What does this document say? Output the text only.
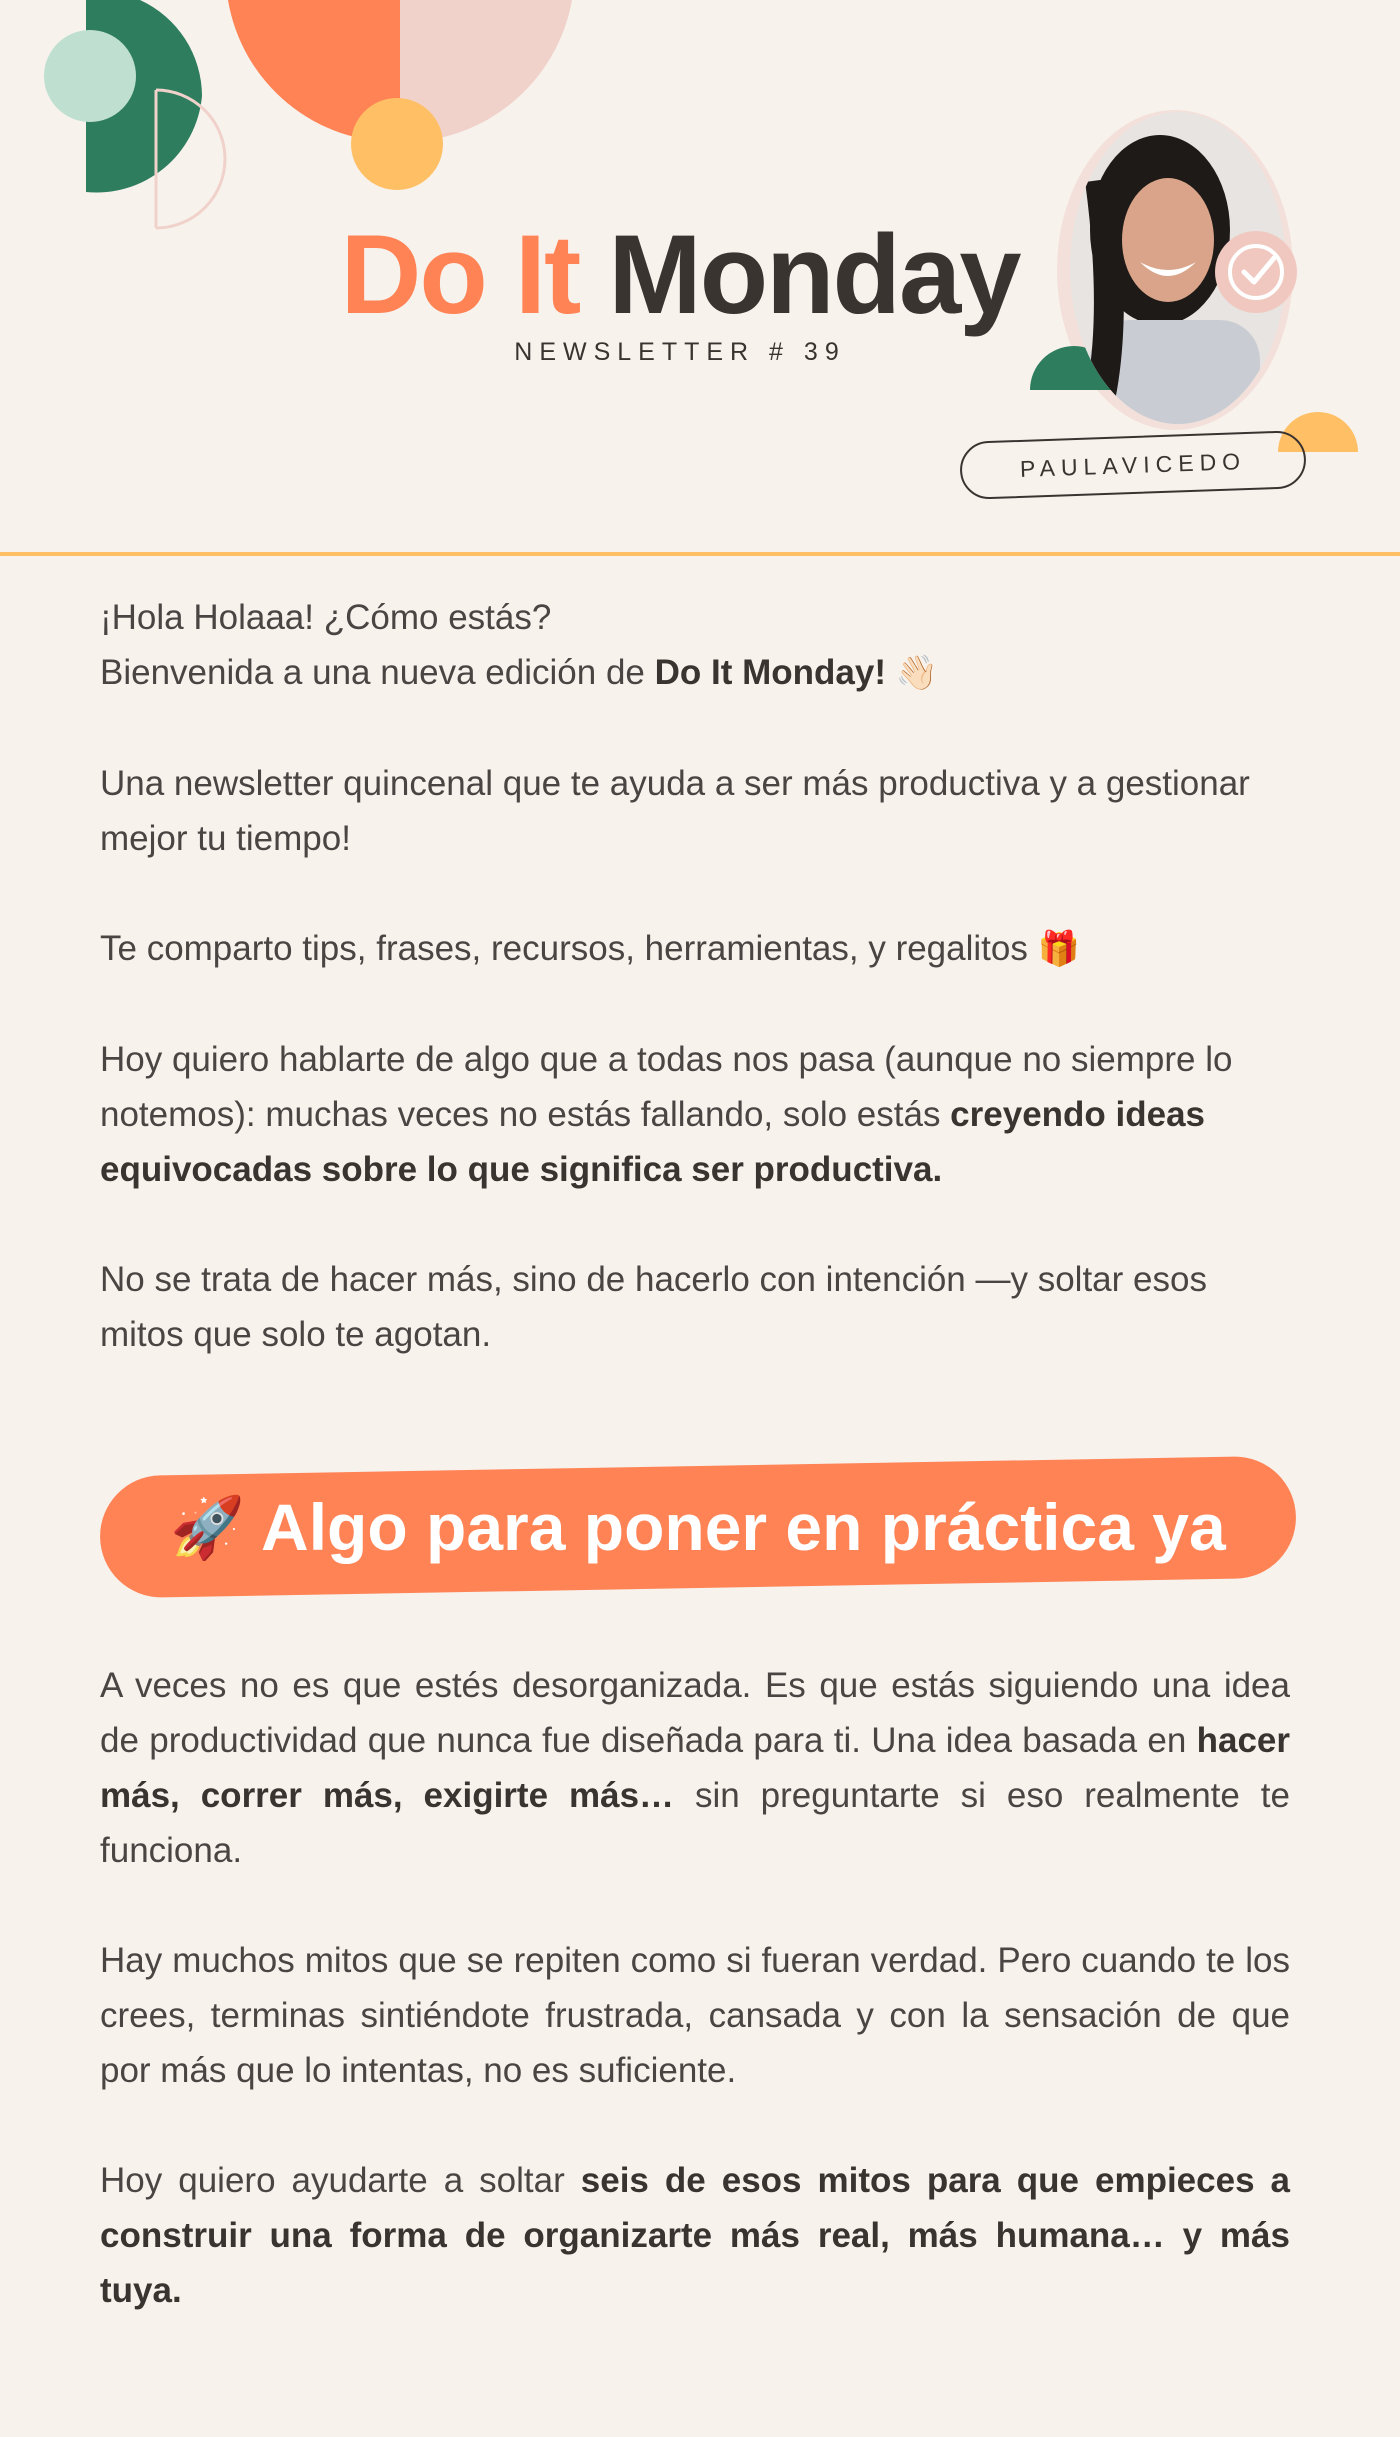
Do It Monday
NEWSLETTER # 39
PAULAVICEDO

¡Hola Holaaa! ¿Cómo estás?
Bienvenida a una nueva edición de Do It Monday! 👋🏻

Una newsletter quincenal que te ayuda a ser más productiva y a gestionar mejor tu tiempo!

Te comparto tips, frases, recursos, herramientas, y regalitos 🎁

Hoy quiero hablarte de algo que a todas nos pasa (aunque no siempre lo notemos): muchas veces no estás fallando, solo estás creyendo ideas equivocadas sobre lo que significa ser productiva.

No se trata de hacer más, sino de hacerlo con intención —y soltar esos mitos que solo te agotan.

🚀 Algo para poner en práctica ya

A veces no es que estés desorganizada. Es que estás siguiendo una idea de productividad que nunca fue diseñada para ti. Una idea basada en hacer más, correr más, exigirte más… sin preguntarte si eso realmente te funciona.

Hay muchos mitos que se repiten como si fueran verdad. Pero cuando te los crees, terminas sintiéndote frustrada, cansada y con la sensación de que por más que lo intentas, no es suficiente.

Hoy quiero ayudarte a soltar seis de esos mitos para que empieces a construir una forma de organizarte más real, más humana… y más tuya.
